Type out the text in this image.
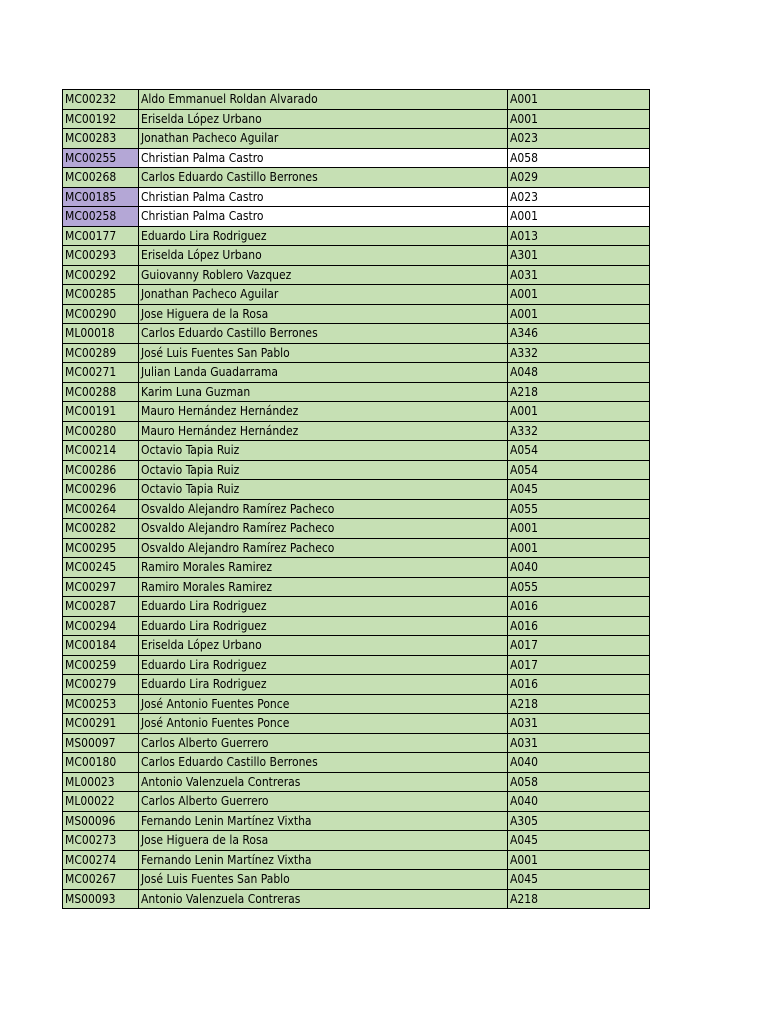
MC00232	Aldo Emmanuel Roldan Alvarado	A001
MC00192	Eriselda López Urbano	A001
MC00283	Jonathan Pacheco Aguilar	A023
MC00255	Christian Palma Castro	A058
MC00268	Carlos Eduardo Castillo Berrones	A029
MC00185	Christian Palma Castro	A023
MC00258	Christian Palma Castro	A001
MC00177	Eduardo Lira Rodriguez	A013
MC00293	Eriselda López Urbano	A301
MC00292	Guiovanny Roblero Vazquez	A031
MC00285	Jonathan Pacheco Aguilar	A001
MC00290	Jose Higuera de la Rosa	A001
ML00018	Carlos Eduardo Castillo Berrones	A346
MC00289	José Luis Fuentes San Pablo	A332
MC00271	Julian Landa Guadarrama	A048
MC00288	Karim Luna Guzman	A218
MC00191	Mauro Hernández Hernández	A001
MC00280	Mauro Hernández Hernández	A332
MC00214	Octavio Tapia Ruiz	A054
MC00286	Octavio Tapia Ruiz	A054
MC00296	Octavio Tapia Ruiz	A045
MC00264	Osvaldo Alejandro Ramírez Pacheco	A055
MC00282	Osvaldo Alejandro Ramírez Pacheco	A001
MC00295	Osvaldo Alejandro Ramírez Pacheco	A001
MC00245	Ramiro Morales Ramirez	A040
MC00297	Ramiro Morales Ramirez	A055
MC00287	Eduardo Lira Rodriguez	A016
MC00294	Eduardo Lira Rodriguez	A016
MC00184	Eriselda López Urbano	A017
MC00259	Eduardo Lira Rodriguez	A017
MC00279	Eduardo Lira Rodriguez	A016
MC00253	José Antonio Fuentes Ponce	A218
MC00291	José Antonio Fuentes Ponce	A031
MS00097	Carlos Alberto Guerrero	A031
MC00180	Carlos Eduardo Castillo Berrones	A040
ML00023	Antonio Valenzuela Contreras	A058
ML00022	Carlos Alberto Guerrero	A040
MS00096	Fernando Lenin Martínez Vixtha	A305
MC00273	Jose Higuera de la Rosa	A045
MC00274	Fernando Lenin Martínez Vixtha	A001
MC00267	José Luis Fuentes San Pablo	A045
MS00093	Antonio Valenzuela Contreras	A218
